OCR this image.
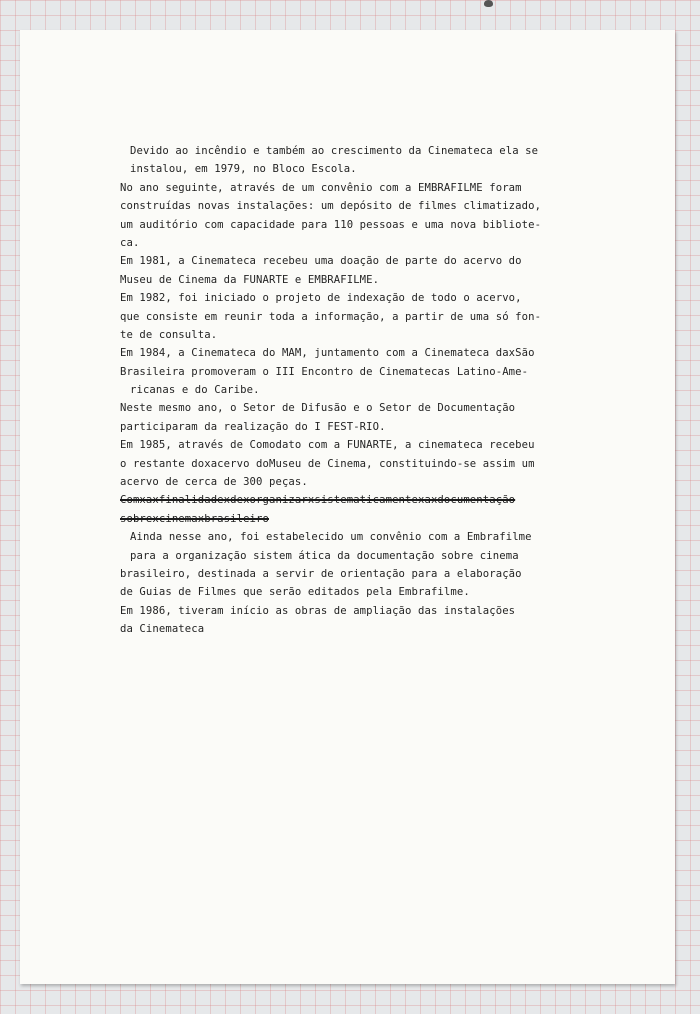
Devido ao incêndio e também ao crescimento da Cinemateca ela se
instalou, em 1979, no Bloco Escola.
No ano seguinte, através de um convênio com a EMBRAFILME foram
construídas novas instalações: um depósito de filmes climatizado,
um auditório com capacidade para 110 pessoas e uma nova bibliote-
ca.
Em 1981, a Cinemateca recebeu uma doação de parte do acervo do
Museu de Cinema da FUNARTE e EMBRAFILME.
Em 1982, foi iniciado o projeto de indexação de todo o acervo,
que consiste em reunir toda a informação, a partir de uma só fon-
te de consulta.
Em 1984, a Cinemateca do MAM, juntamento com a Cinemateca daxSão
Brasileira promoveram o III Encontro de Cinematecas Latino-Ame-
ricanas e do Caribe.
Neste mesmo ano, o Setor de Difusão e o Setor de Documentação
participaram da realização do I FEST-RIO.
Em 1985, através de Comodato com a FUNARTE, a cinemateca recebeu
o restante doxacervo doMuseu de Cinema, constituindo-se assim um
acervo de cerca de 300 peças.
Comxaxfinalidadexdexorganizarxsistematicamentexaxdocumentação
sobrexcinemaxbrasileiro
Ainda nesse ano, foi estabelecido um convênio com a Embrafilme
para a organização sistem ática da documentação sobre cinema
brasileiro, destinada a servir de orientação para a elaboração
de Guias de Filmes que serão editados pela Embrafilme.
Em 1986, tiveram início as obras de ampliação das instalações
da Cinemateca
